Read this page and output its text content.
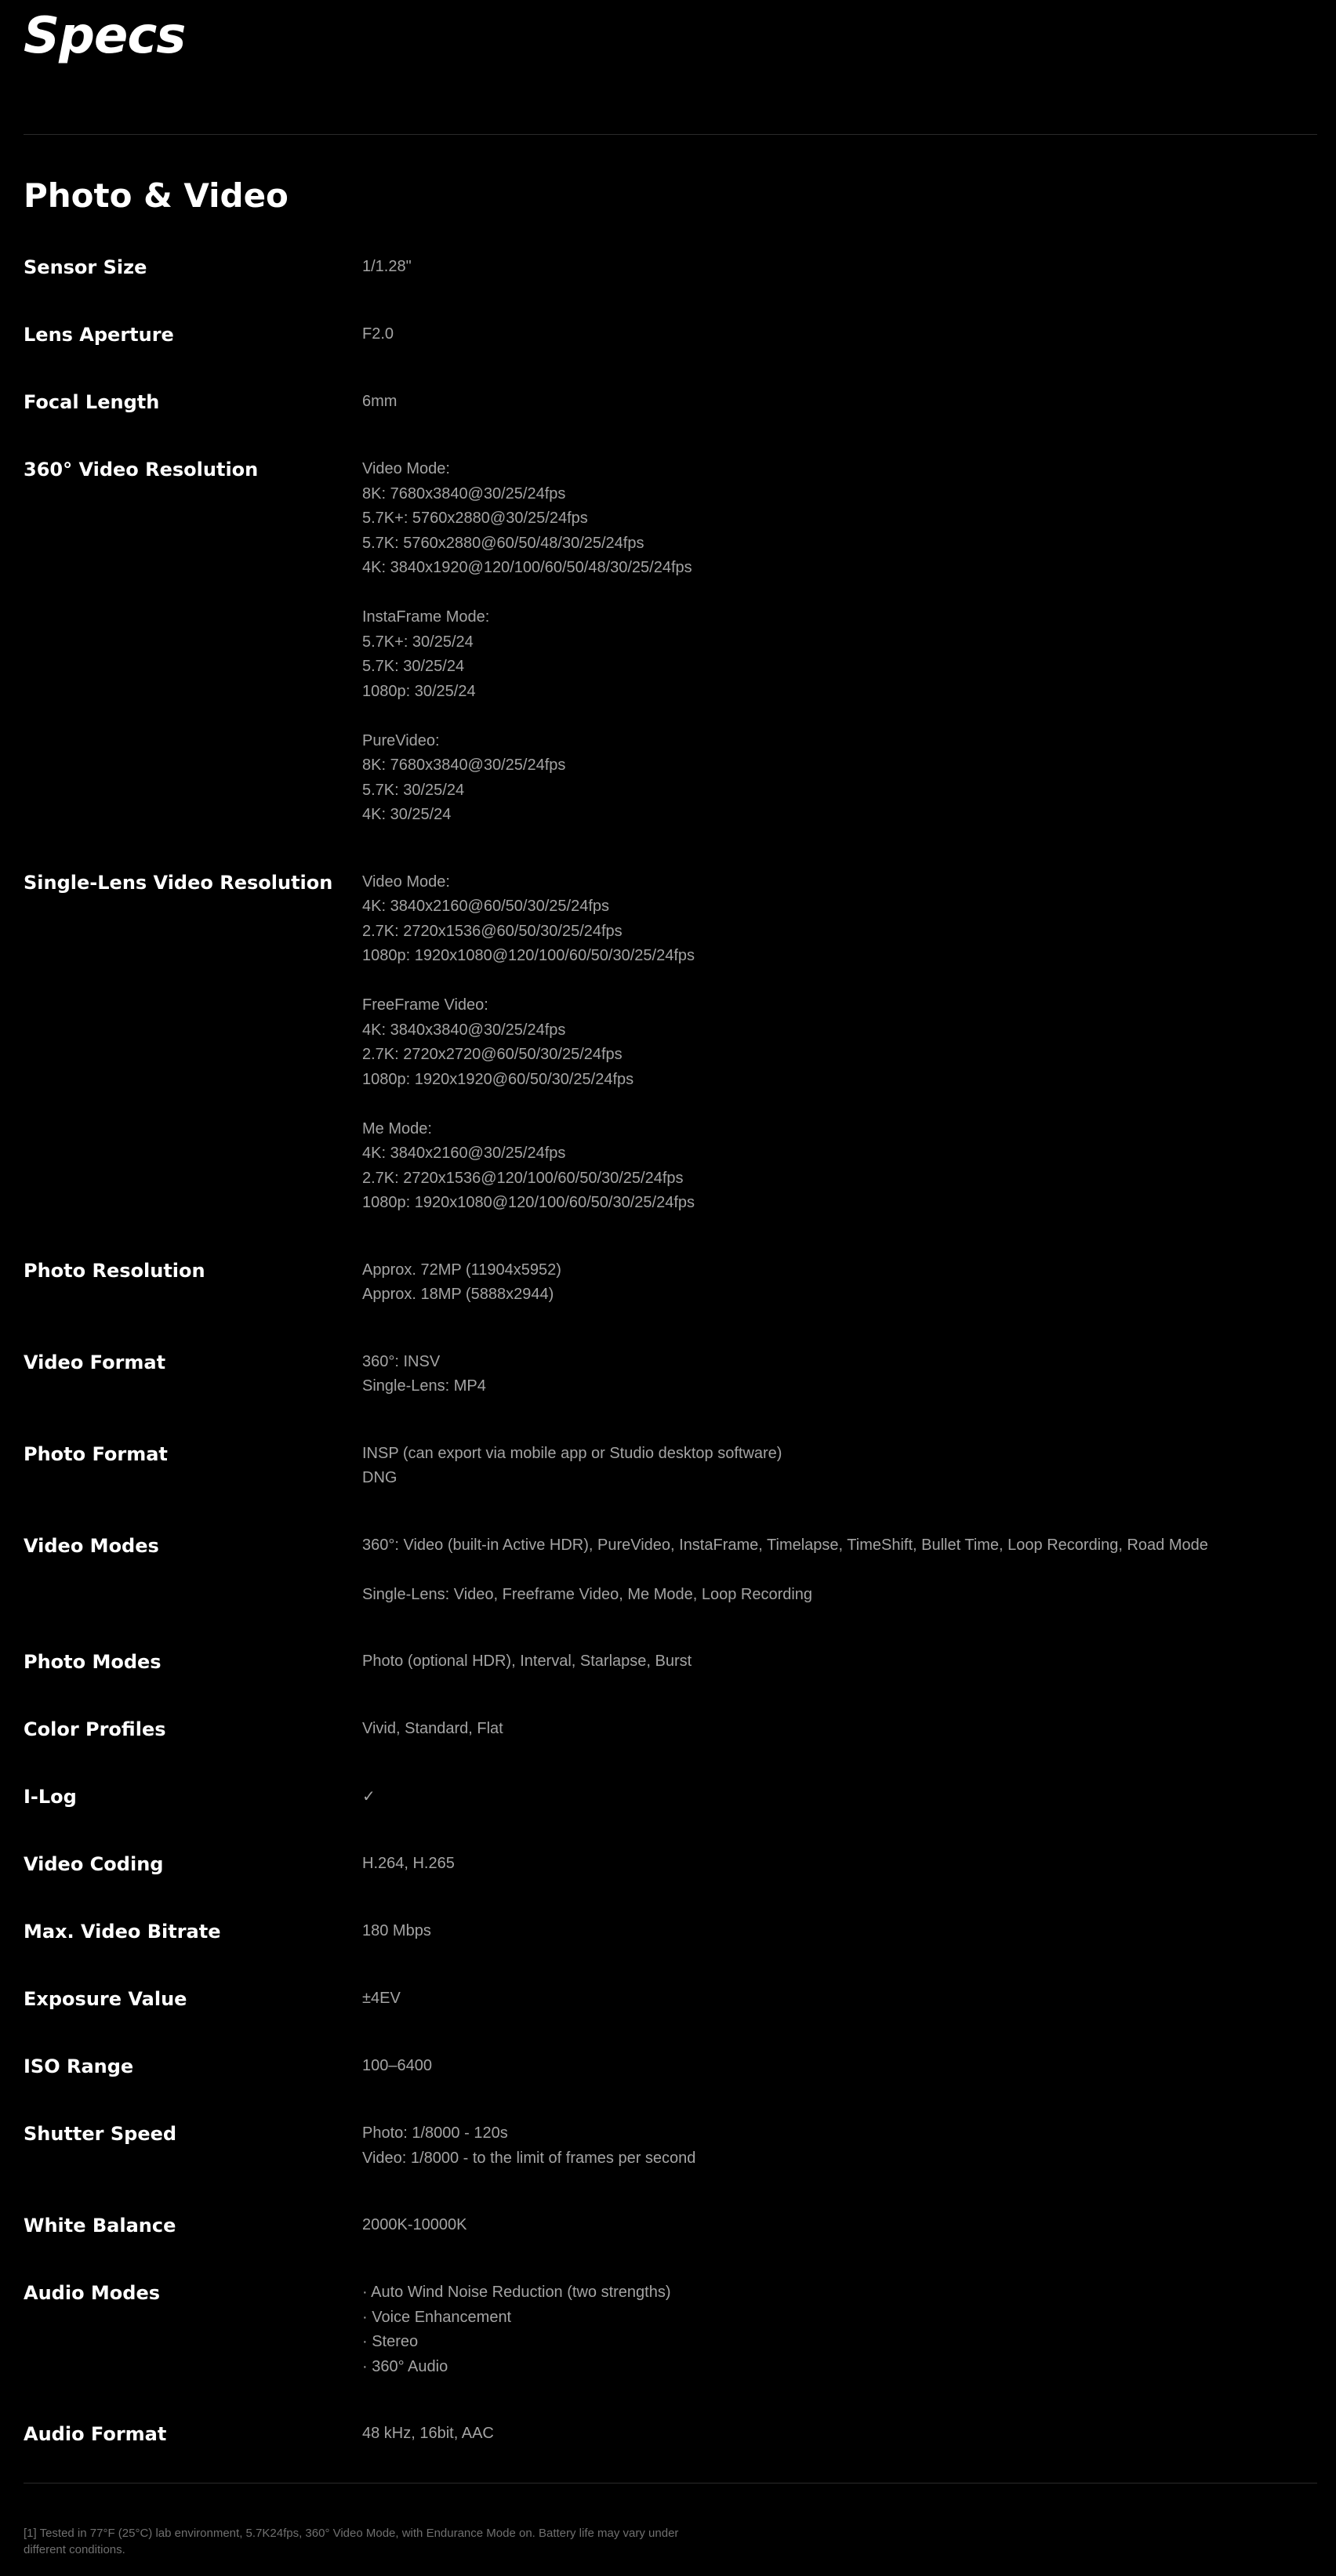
Specs
Photo & Video
Sensor Size	1/1.28"
Lens Aperture	F2.0
Focal Length	6mm
360° Video Resolution	Video Mode:
8K: 7680x3840@30/25/24fps
5.7K+: 5760x2880@30/25/24fps
5.7K: 5760x2880@60/50/48/30/25/24fps
4K: 3840x1920@120/100/60/50/48/30/25/24fps
InstaFrame Mode:
5.7K+: 30/25/24
5.7K: 30/25/24
1080p: 30/25/24
PureVideo:
8K: 7680x3840@30/25/24fps
5.7K: 30/25/24
4K: 30/25/24
Single-Lens Video Resolution	Video Mode:
4K: 3840x2160@60/50/30/25/24fps
2.7K: 2720x1536@60/50/30/25/24fps
1080p: 1920x1080@120/100/60/50/30/25/24fps
FreeFrame Video:
4K: 3840x3840@30/25/24fps
2.7K: 2720x2720@60/50/30/25/24fps
1080p: 1920x1920@60/50/30/25/24fps
Me Mode:
4K: 3840x2160@30/25/24fps
2.7K: 2720x1536@120/100/60/50/30/25/24fps
1080p: 1920x1080@120/100/60/50/30/25/24fps
Photo Resolution	Approx. 72MP (11904x5952)
Approx. 18MP (5888x2944)
Video Format	360°: INSV
Single-Lens: MP4
Photo Format	INSP (can export via mobile app or Studio desktop software)
DNG
Video Modes	360°: Video (built-in Active HDR), PureVideo, InstaFrame, Timelapse, TimeShift, Bullet Time, Loop Recording, Road Mode
Single-Lens: Video, Freeframe Video, Me Mode, Loop Recording
Photo Modes	Photo (optional HDR), Interval, Starlapse, Burst
Color Profiles	Vivid, Standard, Flat
I-Log	✓
Video Coding	H.264, H.265
Max. Video Bitrate	180 Mbps
Exposure Value	±4EV
ISO Range	100–6400
Shutter Speed	Photo: 1/8000 - 120s
Video: 1/8000 - to the limit of frames per second
White Balance	2000K-10000K
Audio Modes	· Auto Wind Noise Reduction (two strengths)
· Voice Enhancement
· Stereo
· 360° Audio
Audio Format	48 kHz, 16bit, AAC
[1] Tested in 77°F (25°C) lab environment, 5.7K24fps, 360° Video Mode, with Endurance Mode on. Battery life may vary under
different conditions.
